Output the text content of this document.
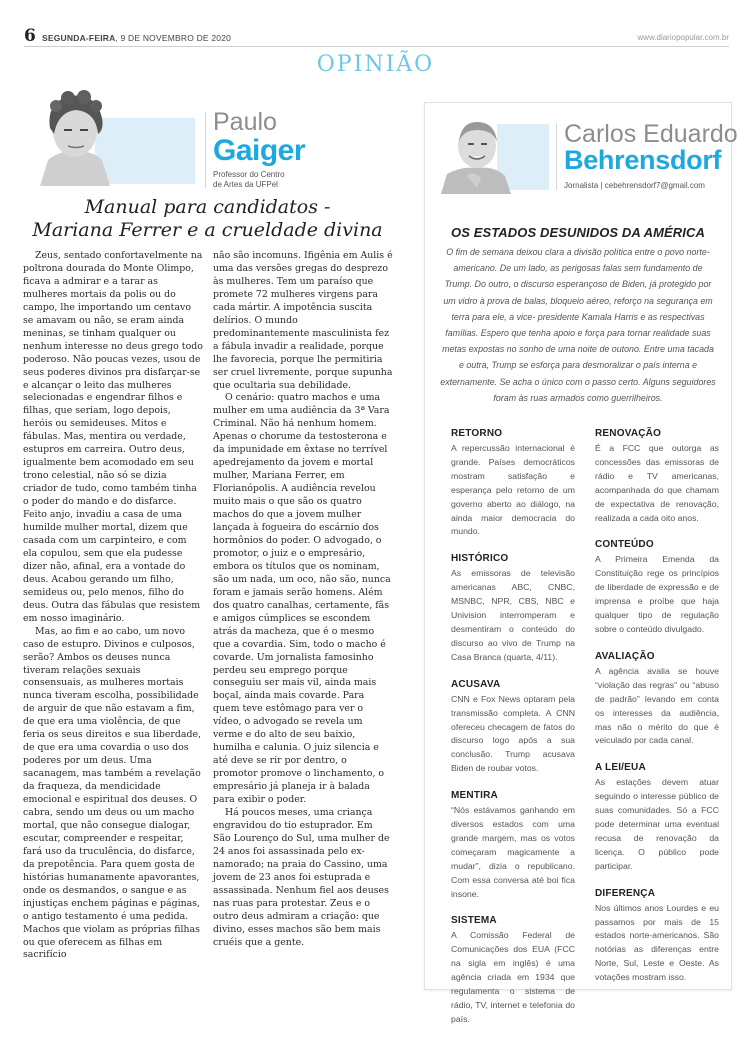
6 SEGUNDA-FEIRA, 9 DE NOVEMBRO DE 2020	www.diariopopular.com.br
OPINIÃO
Paulo
Gaiger
Professor do Centro
de Artes da UFPel
Manual para candidatos -
Mariana Ferrer e a crueldade divina

Zeus, sentado confortavelmente na poltrona dourada do Monte Olimpo, ficava a admirar e a tarar as mulheres mortais da polis ou do campo, lhe importando um centavo se amavam ou não, se eram ainda meninas, se tinham qualquer ou nenhum interesse no deus grego todo poderoso. Não poucas vezes, usou de seus poderes divinos pra disfarçar-se e alcançar o leito das mulheres selecionadas e engendrar filhos e filhas, que seriam, logo depois, heróis ou semideuses. Mitos e fábulas. Mas, mentira ou verdade, estupros em carreira. Outro deus, igualmente bem acomodado em seu trono celestial, não só se dizia criador de tudo, como também tinha o poder do mando e do disfarce. Feito anjo, invadiu a casa de uma humilde mulher mortal, dizem que casada com um carpinteiro, e com ela copulou, sem que ela pudesse dizer não, afinal, era a vontade do deus. Acabou gerando um filho, semideus ou, pelo menos, filho do deus. Outra das fábulas que resistem em nosso imaginário.

Mas, ao fim e ao cabo, um novo caso de estupro. Divinos e culposos, serão? Ambos os deuses nunca tiveram relações sexuais consensuais, as mulheres mortais nunca tiveram escolha, possibilidade de arguir de que não estavam a fim, de que era uma violência, de que feria os seus direitos e sua liberdade, de que era uma covardia o uso dos poderes por um deus. Uma sacanagem, mas também a revelação da fraqueza, da mendicidade emocional e espiritual dos deuses. O cabra, sendo um deus ou um macho mortal, que não consegue dialogar, escutar, compreender e respeitar, fará uso da truculência, do disfarce, da prepotência. Para quem gosta de histórias humanamente apavorantes, onde os desmandos, o sangue e as injustiças enchem páginas e páginas, o antigo testamento é uma pedida. Machos que violam as próprias filhas ou que oferecem as filhas em sacrifício

não são incomuns. Ifigênia em Aulis é uma das versões gregas do desprezo às mulheres. Tem um paraíso que promete 72 mulheres virgens para cada mártir. A impotência suscita delírios. O mundo predominantemente masculinista fez a fábula invadir a realidade, porque lhe favorecia, porque lhe permitiria ser cruel livremente, porque supunha que ocultaria sua debilidade.

O cenário: quatro machos e uma mulher em uma audiência da 3ª Vara Criminal. Não há nenhum homem. Apenas o chorume da testosterona e da impunidade em êxtase no terrível apedrejamento da jovem e mortal mulher, Mariana Ferrer, em Florianópolis. A audiência revelou muito mais o que são os quatro machos do que a jovem mulher lançada à fogueira do escárnio dos hormônios do poder. O advogado, o promotor, o juiz e o empresário, embora os títulos que os nominam, são um nada, um oco, não são, nunca foram e jamais serão homens. Além dos quatro canalhas, certamente, fãs e amigos cúmplices se escondem atrás da macheza, que é o mesmo que a covardia. Sim, todo o macho é covarde. Um jornalista famosinho perdeu seu emprego porque conseguiu ser mais vil, ainda mais boçal, ainda mais covarde. Para quem teve estômago para ver o vídeo, o advogado se revela um verme e do alto de seu baixio, humilha e calunia. O juiz silencia e até deve se rir por dentro, o promotor promove o linchamento, o empresário já planeja ir à balada para exibir o poder.

Há poucos meses, uma criança engravidou do tio estuprador. Em São Lourenço do Sul, uma mulher de 24 anos foi assassinada pelo ex-namorado; na praia do Cassino, uma jovem de 23 anos foi estuprada e assassinada. Nenhum fiel aos deuses nas ruas para protestar. Zeus e o outro deus admiram a criação: que divino, esses machos são bem mais cruéis que a gente.

Carlos Eduardo
Behrensdorf
Jornalista | cebehrensdorf7@gmail.com
OS ESTADOS DESUNIDOS DA AMÉRICA
O fim de semana deixou clara a divisão política entre o povo norte-americano. De um lado, as perigosas falas sem fundamento de Trump. Do outro, o discurso esperançoso de Biden, já protegido por um vidro à prova de balas, bloqueio aéreo, reforço na segurança em terra para ele, a vice- presidente Kamala Harris e as respectivas famílias. Espero que tenha apoio e força para tornar realidade suas metas expostas no sonho de uma noite de outono. Entre uma tacada e outra, Trump se esforça para desmoralizar o país interna e externamente. Se acha o único com o passo certo. Alguns seguidores foram às ruas armados como guerrilheiros.
RETORNO
A repercussão internacional é grande. Países democráticos mostram satisfação e esperança pelo retorno de um governo aberto ao diálogo, na ainda maior democracia do mundo.
HISTÓRICO
As emissoras de televisão americanas ABC, CNBC, MSNBC, NPR, CBS, NBC e Univision interromperam e desmentiram o conteúdo do discurso ao vivo de Trump na Casa Branca (quarta, 4/11).
ACUSAVA
CNN e Fox News optaram pela transmissão completa. A CNN ofereceu checagem de fatos do discurso logo após a sua conclusão. Trump acusava Biden de roubar votos.
MENTIRA
“Nós estávamos ganhando em diversos estados com uma grande margem, mas os votos começaram magicamente a mudar”, dizia o republicano. Com essa conversa até boi fica insone.
SISTEMA
A Comissão Federal de Comunicações dos EUA (FCC na sigla em inglês) é uma agência criada em 1934 que regulamenta o sistema de rádio, TV, internet e telefonia do país.
RENOVAÇÃO
É a FCC que outorga as concessões das emissoras de rádio e TV americanas, acompanhada do que chamam de expectativa de renovação, realizada a cada oito anos.
CONTEÚDO
A Primeira Emenda da Constituição rege os princípios de liberdade de expressão e de imprensa e proíbe que haja qualquer tipo de regulação sobre o conteúdo divulgado.
AVALIAÇÃO
A agência avalia se houve “violação das regras” ou “abuso de padrão” levando em conta os interesses da audiência, mas não o mérito do que é veiculado por cada canal.
A LEI/EUA
As estações devem atuar seguindo o interesse público de suas comunidades. Só a FCC pode determinar uma eventual recusa de renovação da licença. O público pode participar.
DIFERENÇA
Nos últimos anos Lourdes e eu passamos por mais de 15 estados norte-americanos. São notórias as diferenças entre Norte, Sul, Leste e Oeste. As votações mostram isso.
